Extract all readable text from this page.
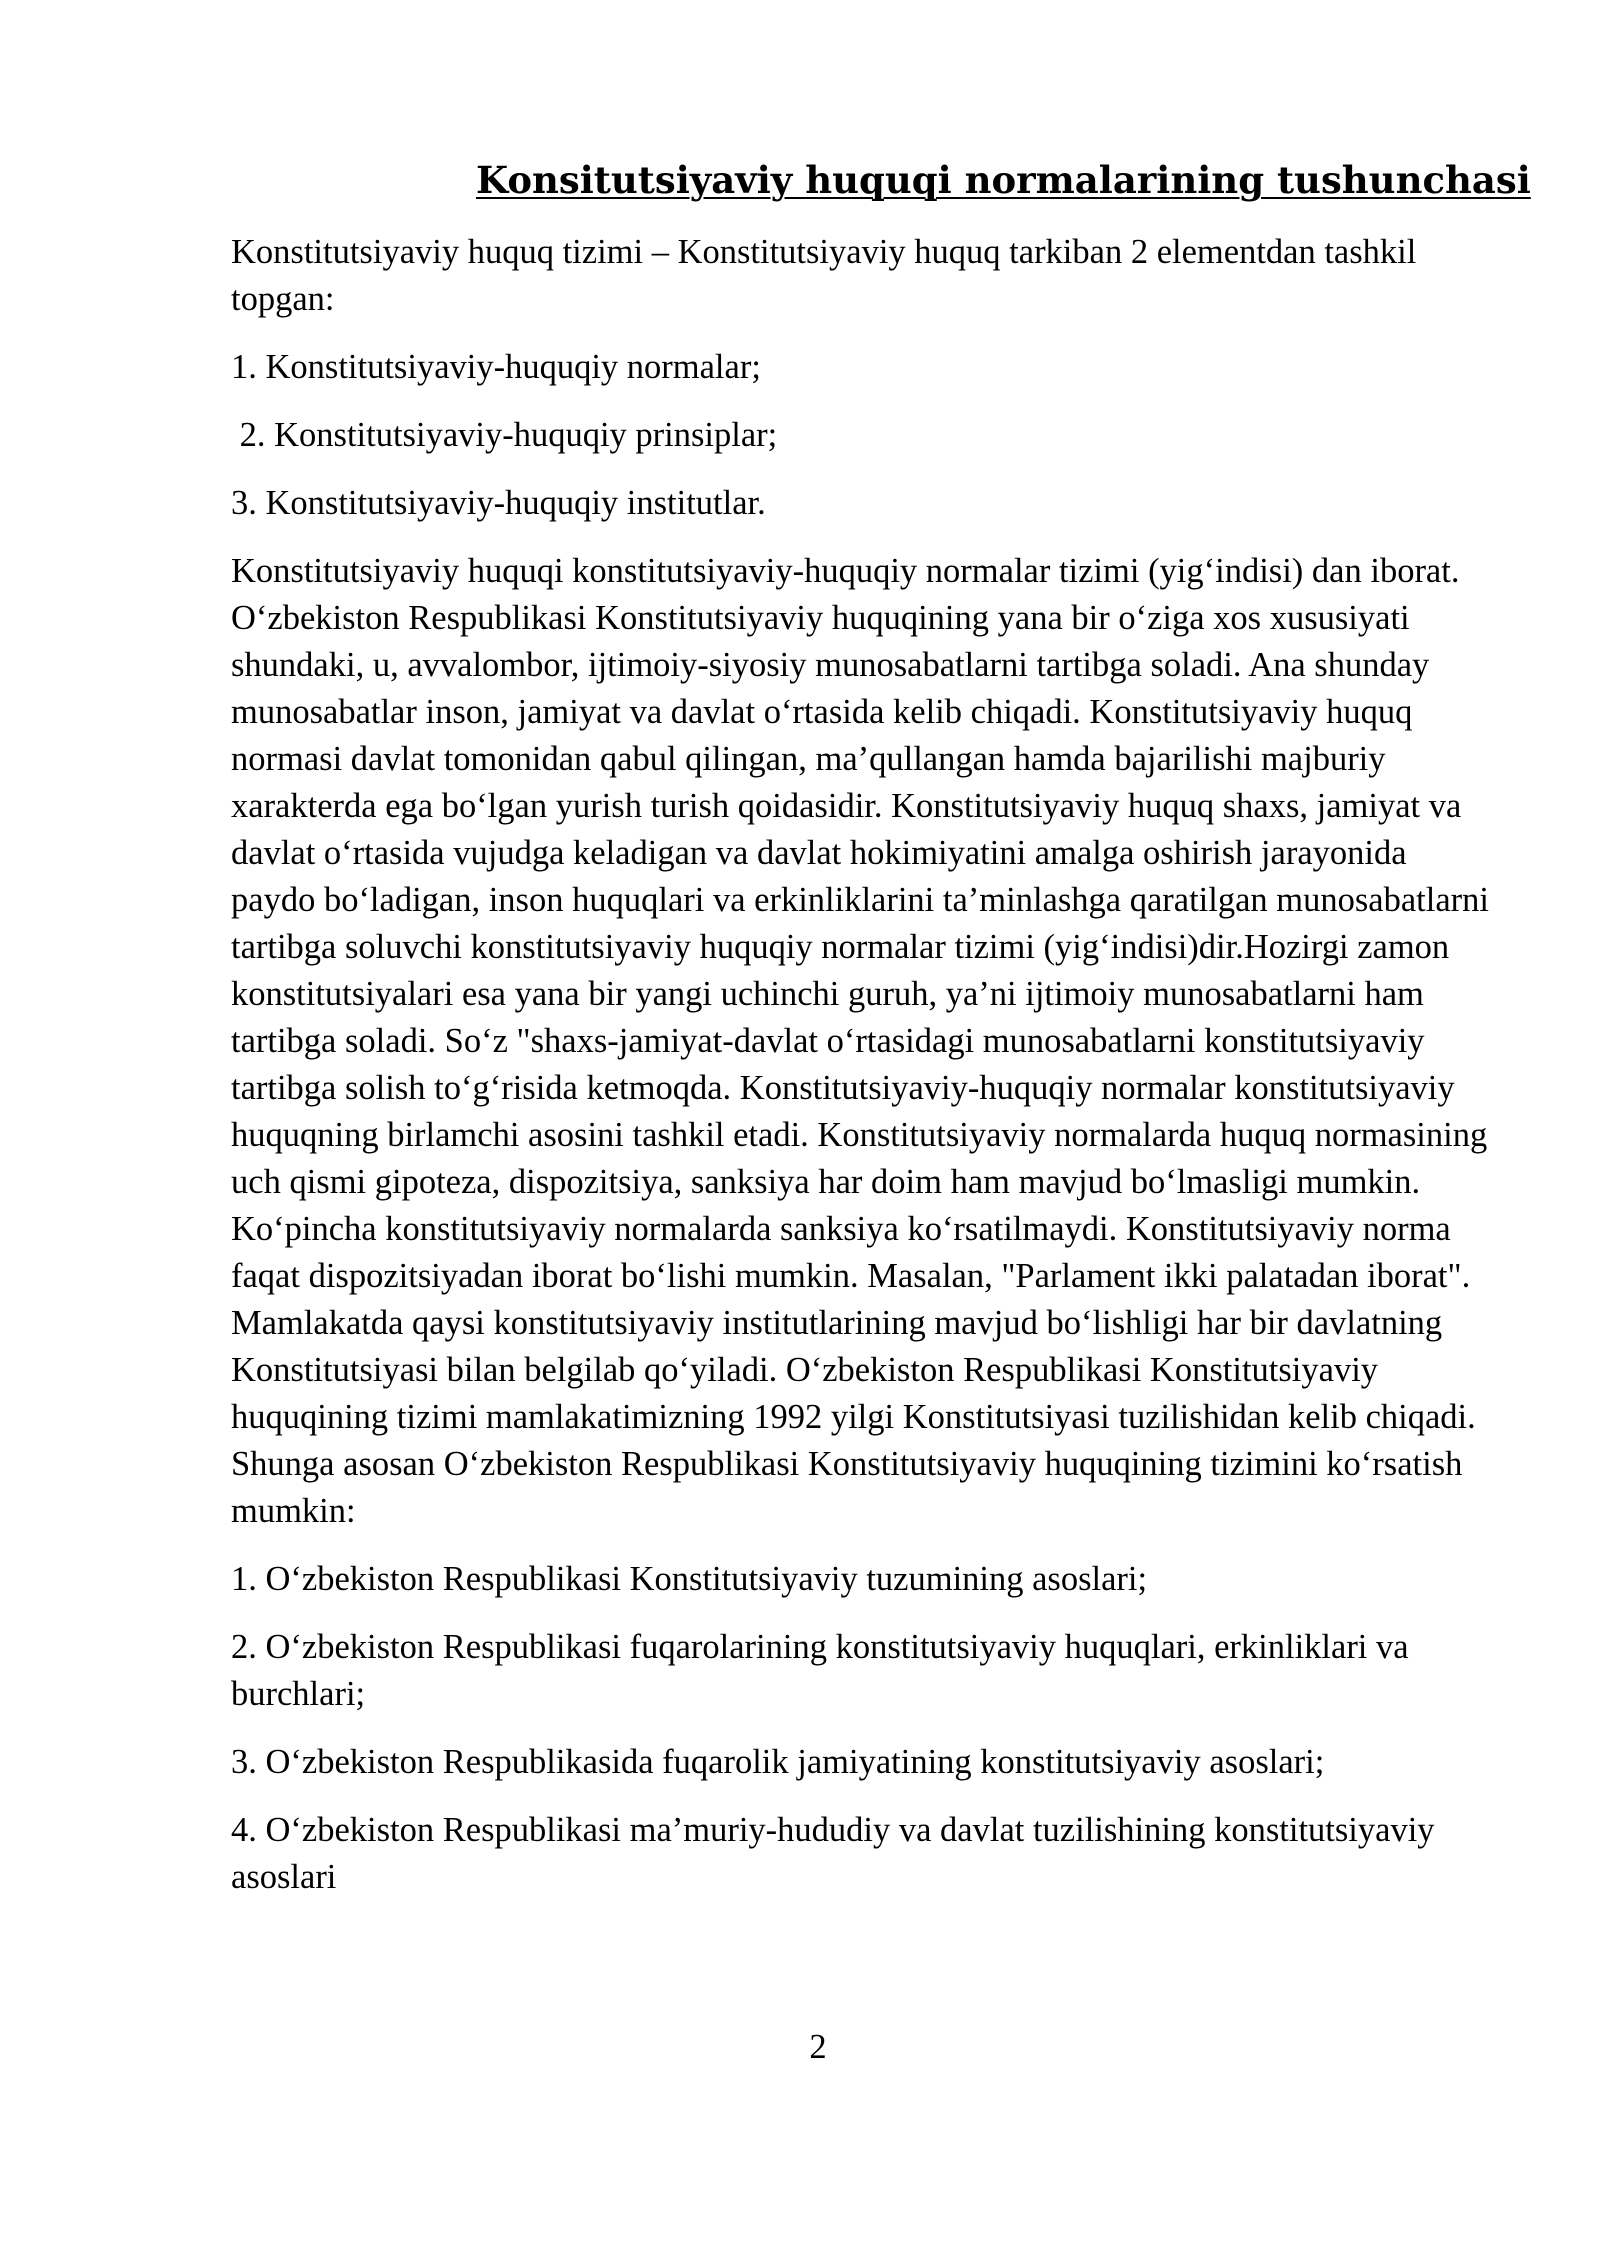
Konsitutsiyaviy huquqi normalarining tushunchasi

Konstitutsiyaviy huquq tizimi – Konstitutsiyaviy huquq tarkiban 2 elementdan tashkil topgan:

1. Konstitutsiyaviy-huquqiy normalar;

2. Konstitutsiyaviy-huquqiy prinsiplar;

3. Konstitutsiyaviy-huquqiy institutlar.

Konstitutsiyaviy huquqi konstitutsiyaviy-huquqiy normalar tizimi (yig‘indisi) dan iborat. O‘zbekiston Respublikasi Konstitutsiyaviy huquqining yana bir o‘ziga xos xususiyati shundaki, u, avvalombor, ijtimoiy-siyosiy munosabatlarni tartibga soladi. Ana shunday munosabatlar inson, jamiyat va davlat o‘rtasida kelib chiqadi. Konstitutsiyaviy huquq normasi davlat tomonidan qabul qilingan, ma’qullangan hamda bajarilishi majburiy xarakterda ega bo‘lgan yurish turish qoidasidir. Konstitutsiyaviy huquq shaxs, jamiyat va davlat o‘rtasida vujudga keladigan va davlat hokimiyatini amalga oshirish jarayonida paydo bo‘ladigan, inson huquqlari va erkinliklarini ta’minlashga qaratilgan munosabatlarni tartibga soluvchi konstitutsiyaviy huquqiy normalar tizimi (yig‘indisi)dir.Hozirgi zamon konstitutsiyalari esa yana bir yangi uchinchi guruh, ya’ni ijtimoiy munosabatlarni ham tartibga soladi. So‘z "shaxs-jamiyat-davlat o‘rtasidagi munosabatlarni konstitutsiyaviy tartibga solish to‘g‘risida ketmoqda. Konstitutsiyaviy-huquqiy normalar konstitutsiyaviy huquqning birlamchi asosini tashkil etadi. Konstitutsiyaviy normalarda huquq normasining uch qismi gipoteza, dispozitsiya, sanksiya har doim ham mavjud bo‘lmasligi mumkin. Ko‘pincha konstitutsiyaviy normalarda sanksiya ko‘rsatilmaydi. Konstitutsiyaviy norma faqat dispozitsiyadan iborat bo‘lishi mumkin. Masalan, "Parlament ikki palatadan iborat". Mamlakatda qaysi konstitutsiyaviy institutlarining mavjud bo‘lishligi har bir davlatning Konstitutsiyasi bilan belgilab qo‘yiladi. O‘zbekiston Respublikasi Konstitutsiyaviy huquqining tizimi mamlakatimizning 1992 yilgi Konstitutsiyasi tuzilishidan kelib chiqadi. Shunga asosan O‘zbekiston Respublikasi Konstitutsiyaviy huquqining tizimini ko‘rsatish mumkin:

1. O‘zbekiston Respublikasi Konstitutsiyaviy tuzumining asoslari;

2. O‘zbekiston Respublikasi fuqarolarining konstitutsiyaviy huquqlari, erkinliklari va burchlari;

3. O‘zbekiston Respublikasida fuqarolik jamiyatining konstitutsiyaviy asoslari;

4. O‘zbekiston Respublikasi ma’muriy-hududiy va davlat tuzilishining konstitutsiyaviy asoslari

2
